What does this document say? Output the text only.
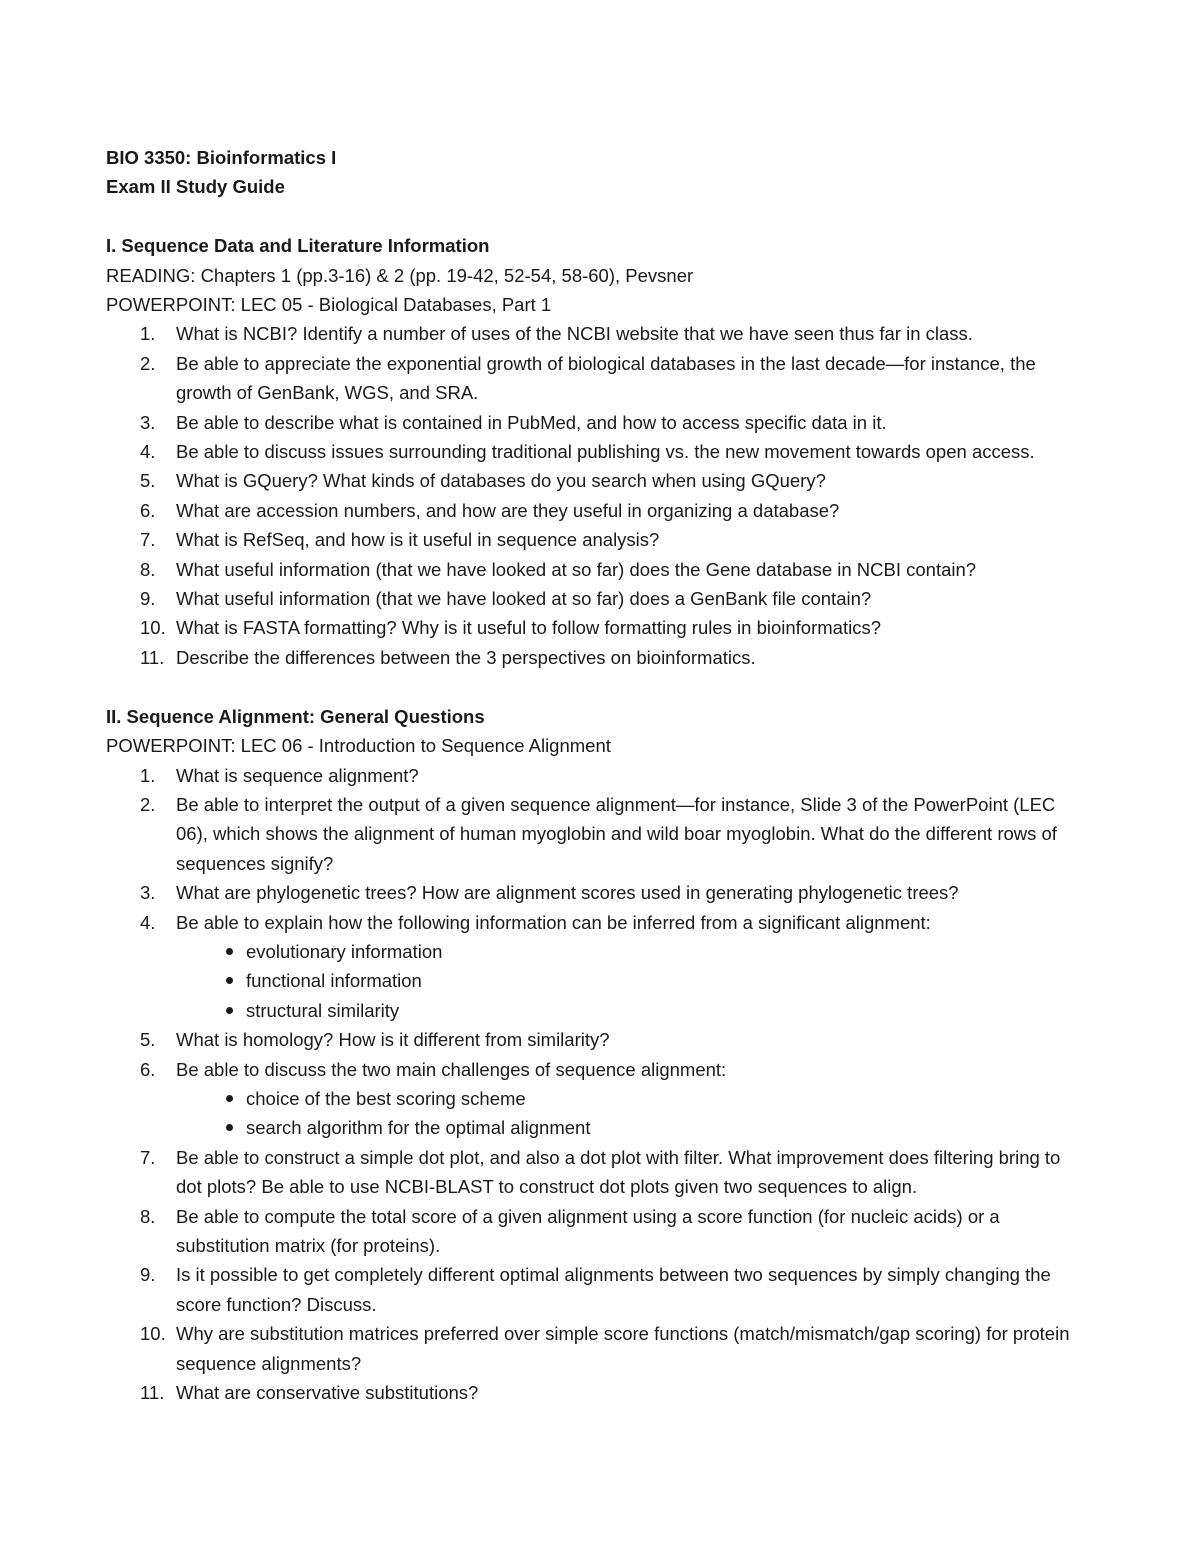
BIO 3350: Bioinformatics I
Exam II Study Guide
I. Sequence Data and Literature Information
READING: Chapters 1 (pp.3-16) & 2 (pp. 19-42, 52-54, 58-60), Pevsner
POWERPOINT: LEC 05 - Biological Databases, Part 1
1. What is NCBI? Identify a number of uses of the NCBI website that we have seen thus far in class.
2. Be able to appreciate the exponential growth of biological databases in the last decade—for instance, the growth of GenBank, WGS, and SRA.
3. Be able to describe what is contained in PubMed, and how to access specific data in it.
4. Be able to discuss issues surrounding traditional publishing vs. the new movement towards open access.
5. What is GQuery? What kinds of databases do you search when using GQuery?
6. What are accession numbers, and how are they useful in organizing a database?
7. What is RefSeq, and how is it useful in sequence analysis?
8. What useful information (that we have looked at so far) does the Gene database in NCBI contain?
9. What useful information (that we have looked at so far) does a GenBank file contain?
10. What is FASTA formatting? Why is it useful to follow formatting rules in bioinformatics?
11. Describe the differences between the 3 perspectives on bioinformatics.
II. Sequence Alignment: General Questions
POWERPOINT: LEC 06 - Introduction to Sequence Alignment
1. What is sequence alignment?
2. Be able to interpret the output of a given sequence alignment—for instance, Slide 3 of the PowerPoint (LEC 06), which shows the alignment of human myoglobin and wild boar myoglobin. What do the different rows of sequences signify?
3. What are phylogenetic trees? How are alignment scores used in generating phylogenetic trees?
4. Be able to explain how the following information can be inferred from a significant alignment:
evolutionary information
functional information
structural similarity
5. What is homology? How is it different from similarity?
6. Be able to discuss the two main challenges of sequence alignment:
choice of the best scoring scheme
search algorithm for the optimal alignment
7. Be able to construct a simple dot plot, and also a dot plot with filter. What improvement does filtering bring to dot plots? Be able to use NCBI-BLAST to construct dot plots given two sequences to align.
8. Be able to compute the total score of a given alignment using a score function (for nucleic acids) or a substitution matrix (for proteins).
9. Is it possible to get completely different optimal alignments between two sequences by simply changing the score function? Discuss.
10. Why are substitution matrices preferred over simple score functions (match/mismatch/gap scoring) for protein sequence alignments?
11. What are conservative substitutions?
